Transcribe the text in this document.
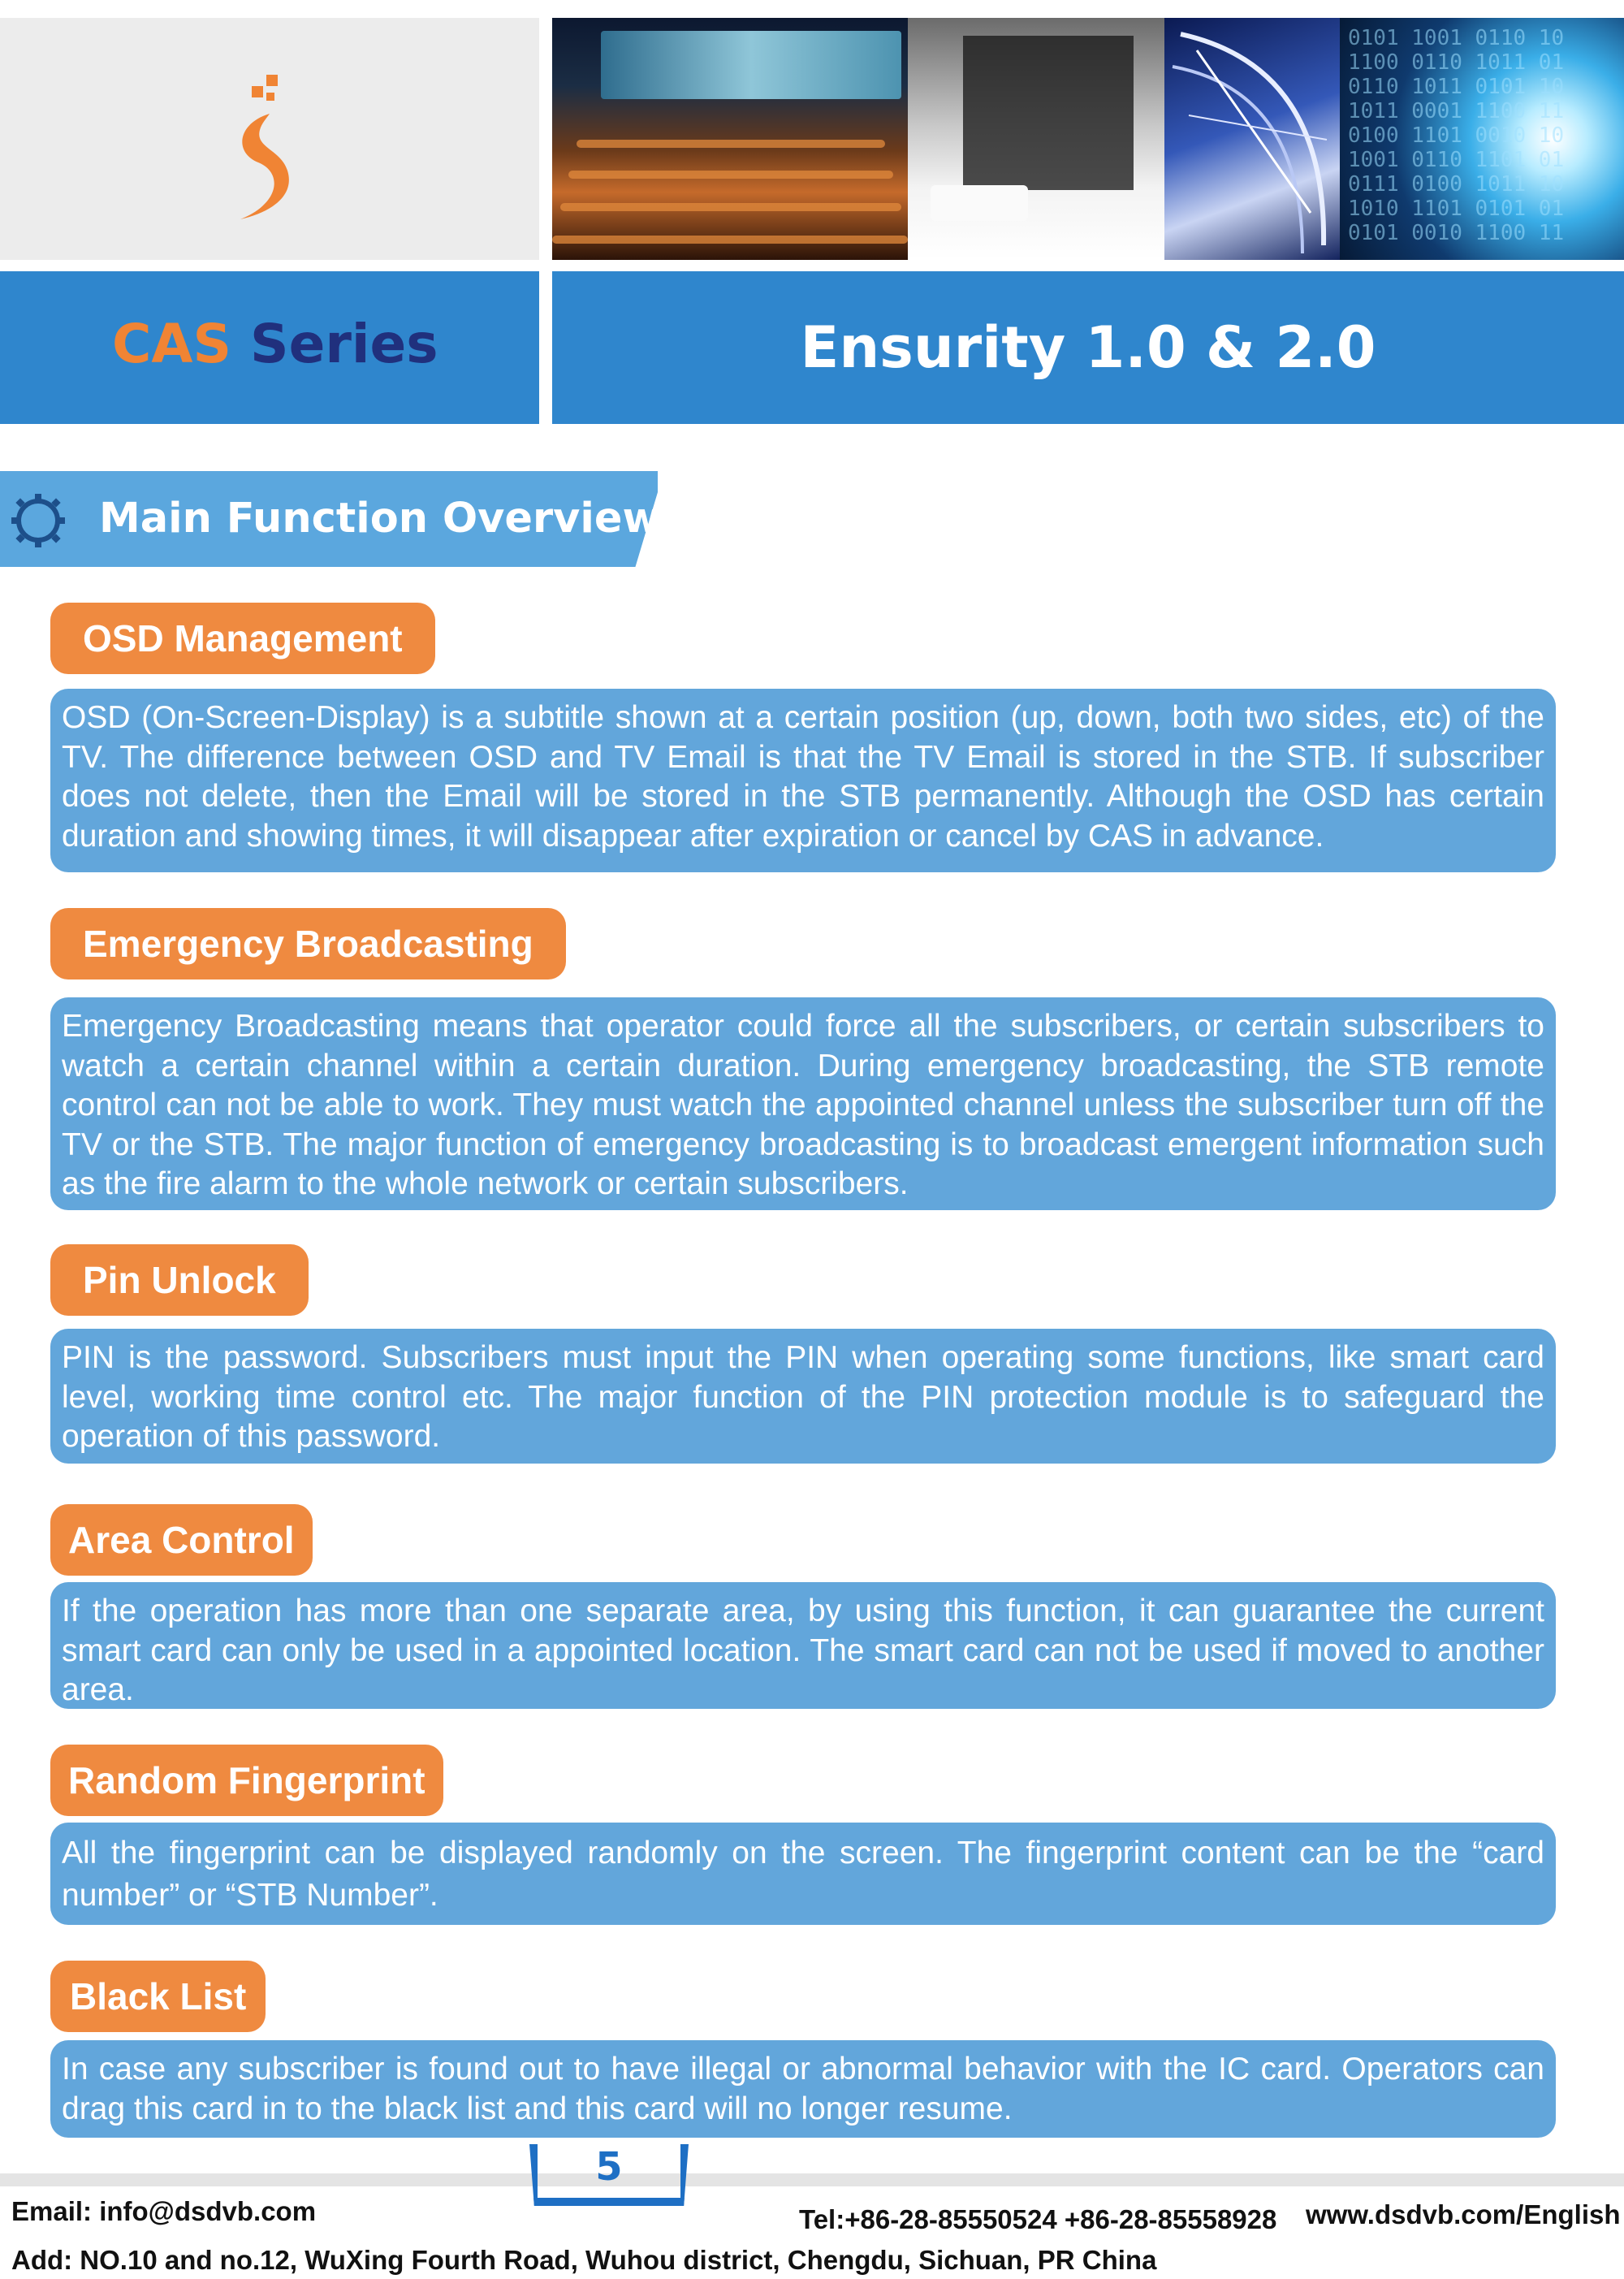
0101 1001 0110 10
1100 0110 1011 01
0110 1011 0101 10
1011 0001 1100 11
0100 1101 0010 10
1001 0110 1101 01
0111 0100 1011 10
1010 1101 0101 01
0101 0010 1100 11
CAS Series	Ensurity 1.0 & 2.0
Main Function Overview
OSD Management
OSD (On-Screen-Display) is a subtitle shown at a certain position (up, down, both two sides, etc) of the TV. The difference between OSD and TV Email is that the TV Email is stored in the STB. If subscriber does not delete, then the Email will be stored in the STB permanently. Although the OSD has certain duration and showing times, it will disappear after expiration or cancel by CAS in advance.
Emergency Broadcasting
Emergency Broadcasting means that operator could force all the subscribers, or certain subscribers to watch a certain channel within a certain duration. During emergency broadcasting, the STB remote control can not be able to work. They must watch the appointed channel unless the subscriber turn off the TV or the STB. The major function of emergency broadcasting is to broadcast emergent information such as the fire alarm to the whole network or certain subscribers.
Pin Unlock
PIN is the password. Subscribers must input the PIN when operating some functions, like smart card level, working time control etc. The major function of the PIN protection module is to safeguard the operation of this password.
Area Control
If the operation has more than one separate area, by using this function, it can guarantee the current smart card can only be used in a appointed location. The smart card can not be used if moved to another area.
Random Fingerprint
All the fingerprint can be displayed randomly on the screen. The fingerprint content can be the “card number” or “STB Number”.
Black List
In case any subscriber is found out to have illegal or abnormal behavior with the IC card. Operators can drag this card in to the black list and this card will no longer resume.
5
Email: info@dsdvb.com	Tel:+86-28-85550524 +86-28-85558928 www.dsdvb.com/English
Add: NO.10 and no.12, WuXing Fourth Road, Wuhou district, Chengdu, Sichuan, PR China
